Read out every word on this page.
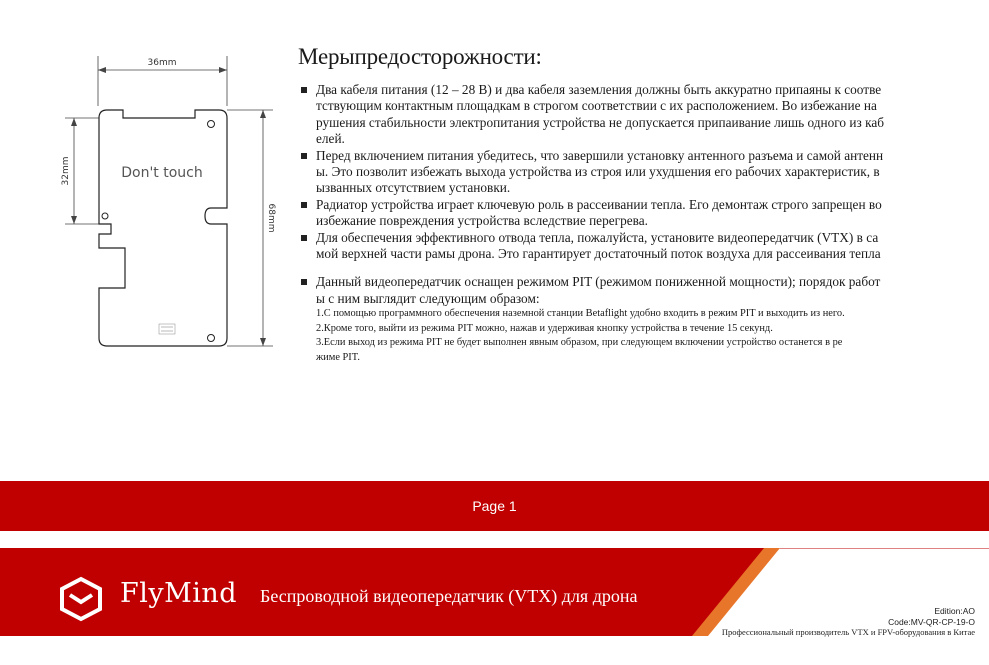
36mm
32mm
68mm
Don't touch
Мерыпредосторожности:
Два кабеля питания (12 – 28 В) и два кабеля заземления должны быть аккуратно припаяны к соотве
тствующим контактным площадкам в строгом соответствии с их расположением. Во избежание на
рушения стабильности электропитания устройства не допускается припаивание лишь одного из каб
елей.
Перед включением питания убедитесь, что завершили установку антенного разъема и самой антенн
ы. Это позволит избежать выхода устройства из строя или ухудшения его рабочих характеристик, в
ызванных отсутствием установки.
Радиатор устройства играет ключевую роль в рассеивании тепла. Его демонтаж строго запрещен во
избежание повреждения устройства вследствие перегрева.
Для обеспечения эффективного отвода тепла, пожалуйста, установите видеопередатчик (VTX) в са
мой верхней части рамы дрона. Это гарантирует достаточный поток воздуха для рассеивания тепла
Данный видеопередатчик оснащен режимом PIT (режимом пониженной мощности); порядок работ
ы с ним выглядит следующим образом:
1.С помощью программного обеспечения наземной станции Betaflight удобно входить в режим PIT и выходить из него.
2.Кроме того, выйти из режима PIT можно, нажав и удерживая кнопку устройства в течение 15 секунд.
3.Если выход из режима PIT не будет выполнен явным образом, при следующем включении устройство останется в ре
жиме PIT.
Page 1
FlyMind Беспроводной видеопередатчик (VTX) для дрона
Edition:AO
Code:MV-QR-CP-19-O
Профессиональный производитель VTX и FPV-оборудования в Китае
